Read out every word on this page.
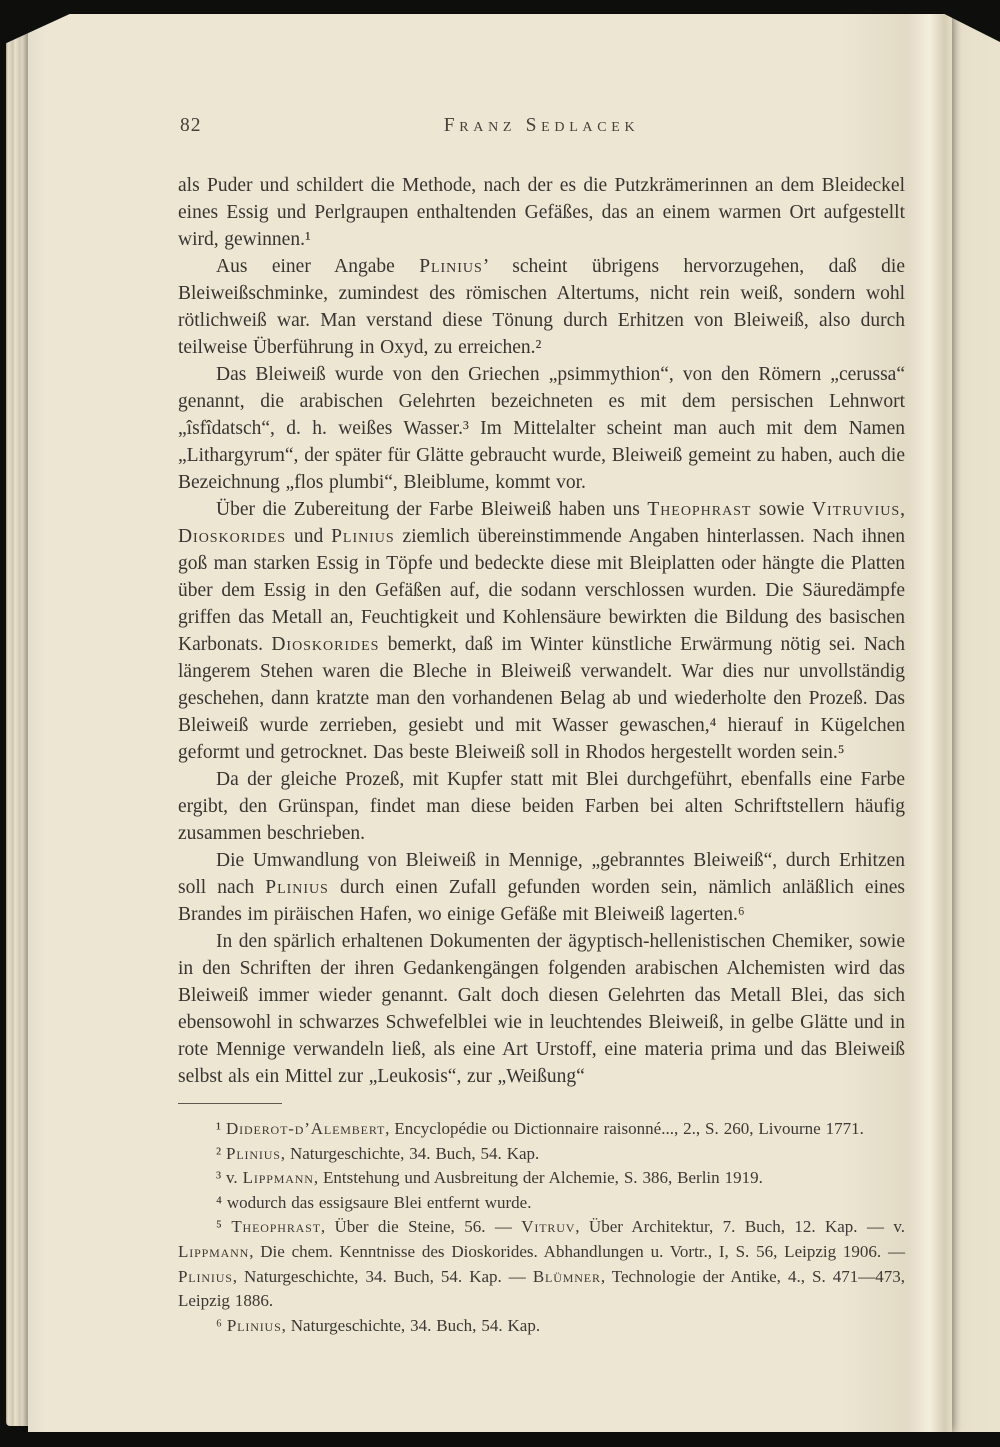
82	Franz Sedlacek

als Puder und schildert die Methode, nach der es die Putzkrämerinnen an dem Bleideckel eines Essig und Perlgraupen enthaltenden Gefäßes, das an einem warmen Ort aufgestellt wird, gewinnen.¹

Aus einer Angabe Plinius’ scheint übrigens hervorzugehen, daß die Bleiweißschminke, zumindest des römischen Altertums, nicht rein weiß, sondern wohl rötlichweiß war. Man verstand diese Tönung durch Erhitzen von Bleiweiß, also durch teilweise Überführung in Oxyd, zu erreichen.²

Das Bleiweiß wurde von den Griechen „psimmythion“, von den Römern „cerussa“ genannt, die arabischen Gelehrten bezeichneten es mit dem persischen Lehnwort „îsfîdatsch“, d. h. weißes Wasser.³ Im Mittelalter scheint man auch mit dem Namen „Lithargyrum“, der später für Glätte gebraucht wurde, Bleiweiß gemeint zu haben, auch die Bezeichnung „flos plumbi“, Bleiblume, kommt vor.

Über die Zubereitung der Farbe Bleiweiß haben uns Theophrast sowie Vitruvius, Dioskorides und Plinius ziemlich übereinstimmende Angaben hinterlassen. Nach ihnen goß man starken Essig in Töpfe und bedeckte diese mit Bleiplatten oder hängte die Platten über dem Essig in den Gefäßen auf, die sodann verschlossen wurden. Die Säuredämpfe griffen das Metall an, Feuchtigkeit und Kohlensäure bewirkten die Bildung des basischen Karbonats. Dioskorides bemerkt, daß im Winter künstliche Erwärmung nötig sei. Nach längerem Stehen waren die Bleche in Bleiweiß verwandelt. War dies nur unvollständig geschehen, dann kratzte man den vorhandenen Belag ab und wiederholte den Prozeß. Das Bleiweiß wurde zerrieben, gesiebt und mit Wasser gewaschen,⁴ hierauf in Kügelchen geformt und getrocknet. Das beste Bleiweiß soll in Rhodos hergestellt worden sein.⁵

Da der gleiche Prozeß, mit Kupfer statt mit Blei durchgeführt, ebenfalls eine Farbe ergibt, den Grünspan, findet man diese beiden Farben bei alten Schriftstellern häufig zusammen beschrieben.

Die Umwandlung von Bleiweiß in Mennige, „gebranntes Bleiweiß“, durch Erhitzen soll nach Plinius durch einen Zufall gefunden worden sein, nämlich anläßlich eines Brandes im piräischen Hafen, wo einige Gefäße mit Bleiweiß lagerten.⁶

In den spärlich erhaltenen Dokumenten der ägyptisch-hellenistischen Chemiker, sowie in den Schriften der ihren Gedankengängen folgenden arabischen Alchemisten wird das Bleiweiß immer wieder genannt. Galt doch diesen Gelehrten das Metall Blei, das sich ebensowohl in schwarzes Schwefelblei wie in leuchtendes Bleiweiß, in gelbe Glätte und in rote Mennige verwandeln ließ, als eine Art Urstoff, eine materia prima und das Bleiweiß selbst als ein Mittel zur „Leukosis“, zur „Weißung“

¹ Diderot-d’Alembert, Encyclopédie ou Dictionnaire raisonné..., 2., S. 260, Livourne 1771.

² Plinius, Naturgeschichte, 34. Buch, 54. Kap.

³ v. Lippmann, Entstehung und Ausbreitung der Alchemie, S. 386, Berlin 1919.

⁴ wodurch das essigsaure Blei entfernt wurde.

⁵ Theophrast, Über die Steine, 56. — Vitruv, Über Architektur, 7. Buch, 12. Kap. — v. Lippmann, Die chem. Kenntnisse des Dioskorides. Abhandlungen u. Vortr., I, S. 56, Leipzig 1906. — Plinius, Naturgeschichte, 34. Buch, 54. Kap. — Blümner, Technologie der Antike, 4., S. 471—473, Leipzig 1886.

⁶ Plinius, Naturgeschichte, 34. Buch, 54. Kap.
